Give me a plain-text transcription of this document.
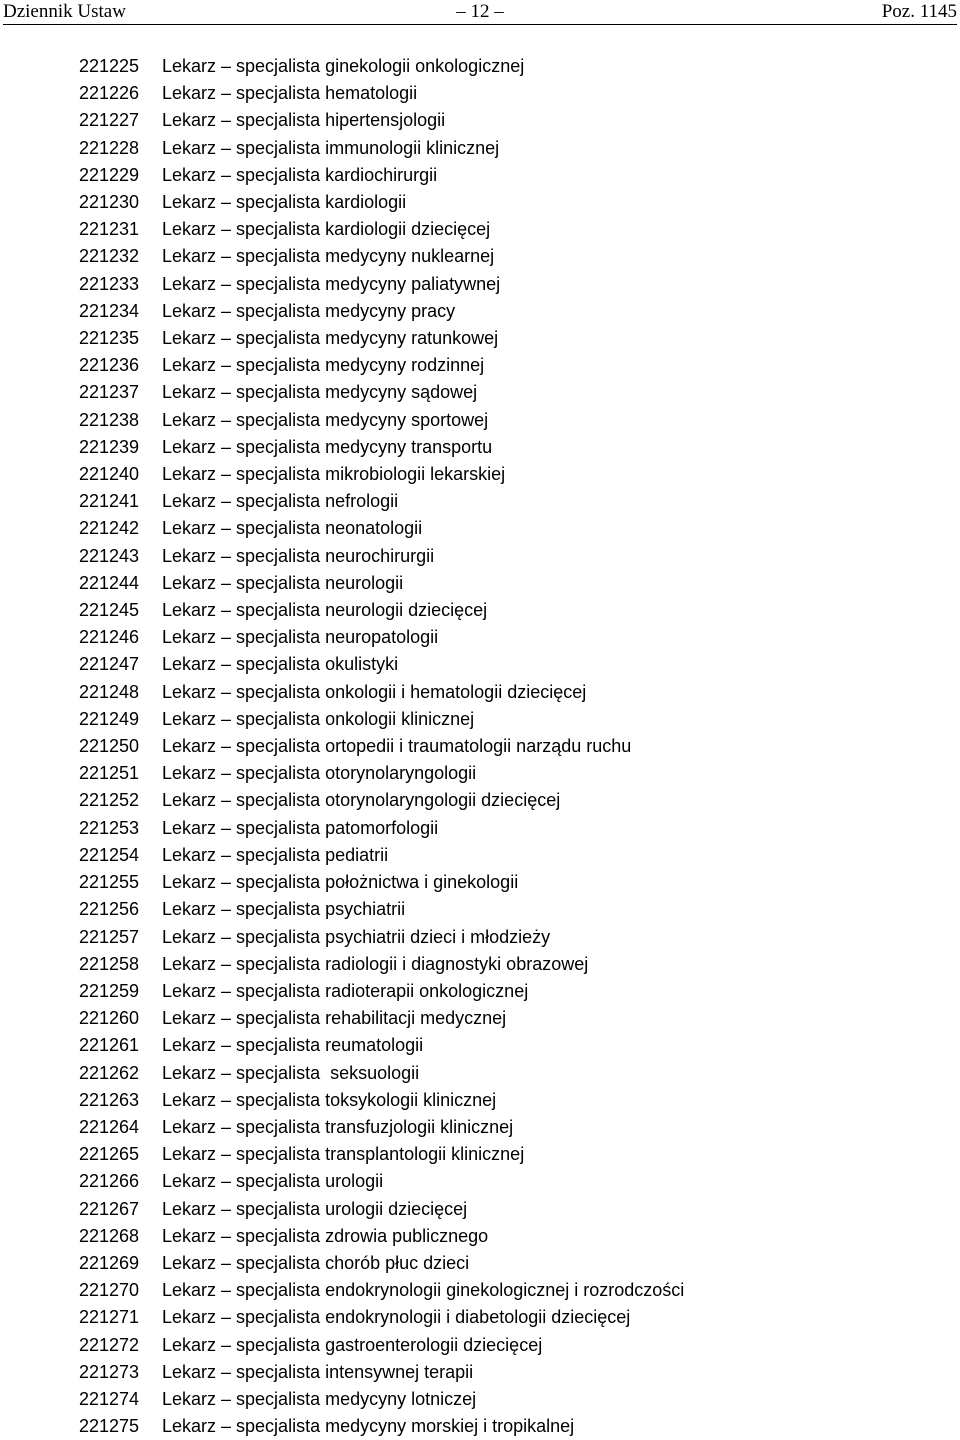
Dziennik Ustaw	– 12 –	Poz. 1145
221225 Lekarz – specjalista ginekologii onkologicznej
221226 Lekarz – specjalista hematologii
221227 Lekarz – specjalista hipertensjologii
221228 Lekarz – specjalista immunologii klinicznej
221229 Lekarz – specjalista kardiochirurgii
221230 Lekarz – specjalista kardiologii
221231 Lekarz – specjalista kardiologii dziecięcej
221232 Lekarz – specjalista medycyny nuklearnej
221233 Lekarz – specjalista medycyny paliatywnej
221234 Lekarz – specjalista medycyny pracy
221235 Lekarz – specjalista medycyny ratunkowej
221236 Lekarz – specjalista medycyny rodzinnej
221237 Lekarz – specjalista medycyny sądowej
221238 Lekarz – specjalista medycyny sportowej
221239 Lekarz – specjalista medycyny transportu
221240 Lekarz – specjalista mikrobiologii lekarskiej
221241 Lekarz – specjalista nefrologii
221242 Lekarz – specjalista neonatologii
221243 Lekarz – specjalista neurochirurgii
221244 Lekarz – specjalista neurologii
221245 Lekarz – specjalista neurologii dziecięcej
221246 Lekarz – specjalista neuropatologii
221247 Lekarz – specjalista okulistyki
221248 Lekarz – specjalista onkologii i hematologii dziecięcej
221249 Lekarz – specjalista onkologii klinicznej
221250 Lekarz – specjalista ortopedii i traumatologii narządu ruchu
221251 Lekarz – specjalista otorynolaryngologii
221252 Lekarz – specjalista otorynolaryngologii dziecięcej
221253 Lekarz – specjalista patomorfologii
221254 Lekarz – specjalista pediatrii
221255 Lekarz – specjalista położnictwa i ginekologii
221256 Lekarz – specjalista psychiatrii
221257 Lekarz – specjalista psychiatrii dzieci i młodzieży
221258 Lekarz – specjalista radiologii i diagnostyki obrazowej
221259 Lekarz – specjalista radioterapii onkologicznej
221260 Lekarz – specjalista rehabilitacji medycznej
221261 Lekarz – specjalista reumatologii
221262 Lekarz – specjalista  seksuologii
221263 Lekarz – specjalista toksykologii klinicznej
221264 Lekarz – specjalista transfuzjologii klinicznej
221265 Lekarz – specjalista transplantologii klinicznej
221266 Lekarz – specjalista urologii
221267 Lekarz – specjalista urologii dziecięcej
221268 Lekarz – specjalista zdrowia publicznego
221269 Lekarz – specjalista chorób płuc dzieci
221270 Lekarz – specjalista endokrynologii ginekologicznej i rozrodczości
221271 Lekarz – specjalista endokrynologii i diabetologii dziecięcej
221272 Lekarz – specjalista gastroenterologii dziecięcej
221273 Lekarz – specjalista intensywnej terapii
221274 Lekarz – specjalista medycyny lotniczej
221275 Lekarz – specjalista medycyny morskiej i tropikalnej
